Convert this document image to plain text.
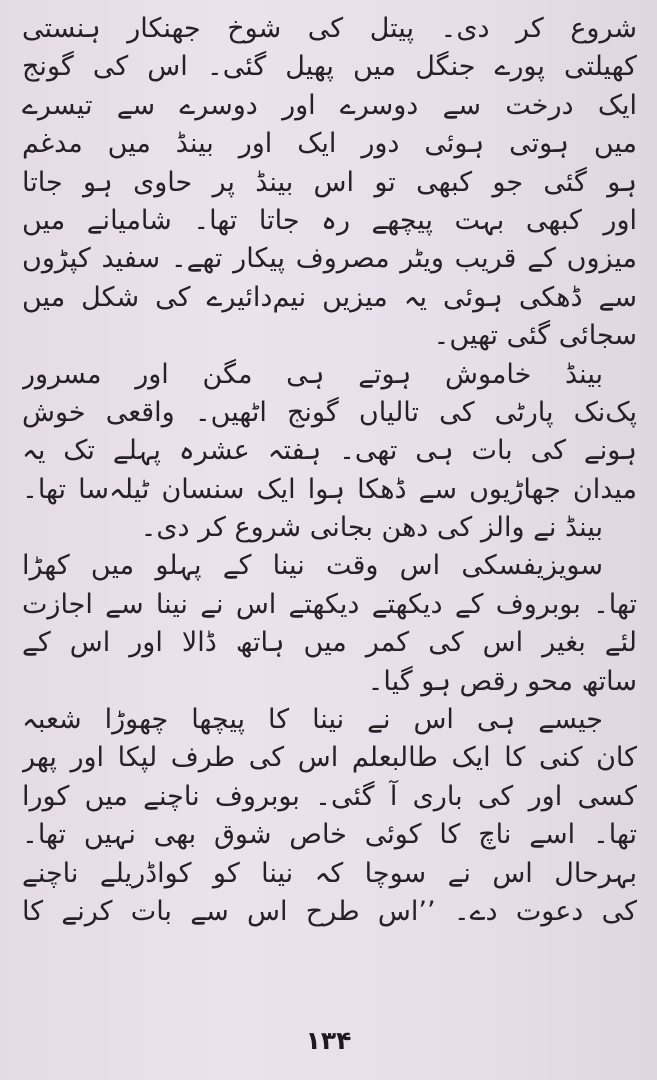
شروع کر دی۔ پیتل کی شوخ جھنکار ہنستی
کھیلتی پورے جنگل میں پھیل گئی۔ اس کی گونج
ایک درخت سے دوسرے اور دوسرے سے تیسرے
میں ہوتی ہوئی دور ایک اور بینڈ میں مدغم
ہو گئی جو کبھی تو اس بینڈ پر حاوی ہو جاتا
اور کبھی بہت پیچھے رہ جاتا تھا۔ شامیانے میں
میزوں کے قریب ویٹر مصروف پیکار تھے۔ سفید کپڑوں
سے ڈھکی ہوئی یہ میزیں نیم‌دائیرے کی شکل میں
سجائی گئی تھیں۔
بینڈ خاموش ہوتے ہی مگن اور مسرور
پک‌نک پارٹی کی تالیاں گونج اٹھیں۔ واقعی خوش
ہونے کی بات ہی تھی۔ ہفتہ عشرہ پہلے تک یہ
میدان جھاڑیوں سے ڈھکا ہوا ایک سنسان ٹیلہ‌سا تھا۔
بینڈ نے والز کی دھن بجانی شروع کر دی۔
سویزیفسکی اس وقت نینا کے پہلو میں کھڑا
تھا۔ بوبروف کے دیکھتے دیکھتے اس نے نینا سے اجازت
لئے بغیر اس کی کمر میں ہاتھ ڈالا اور اس کے
ساتھ محو رقص ہو گیا۔
جیسے ہی اس نے نینا کا پیچھا چھوڑا شعبہ
کان کنی کا ایک طالبعلم اس کی طرف لپکا اور پھر
کسی اور کی باری آ گئی۔ بوبروف ناچنے میں کورا
تھا۔ اسے ناچ کا کوئی خاص شوق بھی نہیں تھا۔
بہرحال اس نے سوچا کہ نینا کو کواڈریلے ناچنے
کی دعوت دے۔ ’’اس طرح اس سے بات کرنے کا
۱۳۴
